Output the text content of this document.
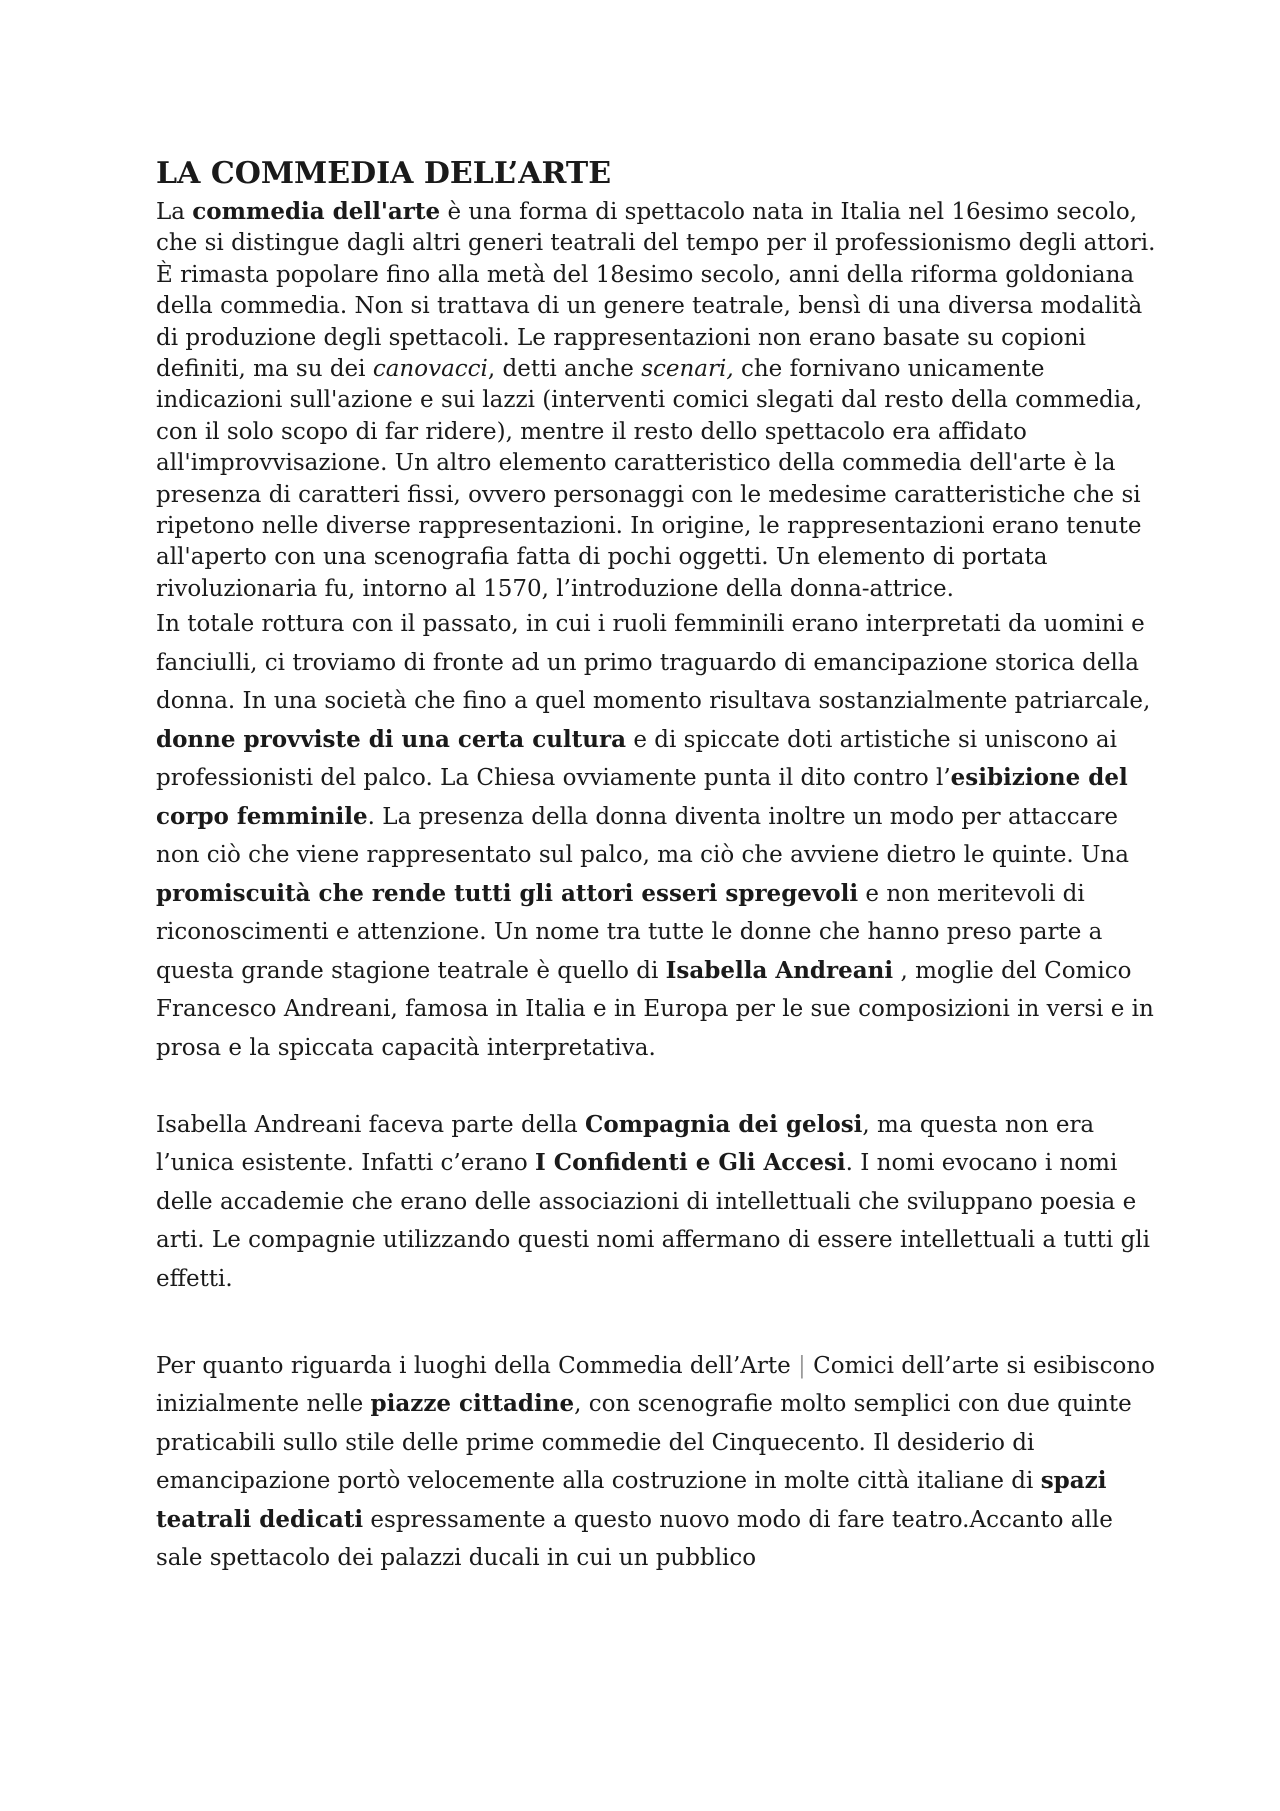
LA COMMEDIA DELL’ARTE

La commedia dell'arte è una forma di spettacolo nata in Italia nel 16esimo secolo, che si distingue dagli altri generi teatrali del tempo per il professionismo degli attori. È rimasta popolare fino alla metà del 18esimo secolo, anni della riforma goldoniana della commedia. Non si trattava di un genere teatrale, bensì di una diversa modalità di produzione degli spettacoli. Le rappresentazioni non erano basate su copioni definiti, ma su dei canovacci, detti anche scenari, che fornivano unicamente indicazioni sull'azione e sui lazzi (interventi comici slegati dal resto della commedia, con il solo scopo di far ridere), mentre il resto dello spettacolo era affidato all'improvvisazione. Un altro elemento caratteristico della commedia dell'arte è la presenza di caratteri fissi, ovvero personaggi con le medesime caratteristiche che si ripetono nelle diverse rappresentazioni. In origine, le rappresentazioni erano tenute all'aperto con una scenografia fatta di pochi oggetti. Un elemento di portata rivoluzionaria fu, intorno al 1570, l’introduzione della donna-attrice.

In totale rottura con il passato, in cui i ruoli femminili erano interpretati da uomini e fanciulli, ci troviamo di fronte ad un primo traguardo di emancipazione storica della donna. In una società che fino a quel momento risultava sostanzialmente patriarcale, donne provviste di una certa cultura e di spiccate doti artistiche si uniscono ai professionisti del palco. La Chiesa ovviamente punta il dito contro l’esibizione del corpo femminile. La presenza della donna diventa inoltre un modo per attaccare non ciò che viene rappresentato sul palco, ma ciò che avviene dietro le quinte. Una promiscuità che rende tutti gli attori esseri spregevoli e non meritevoli di riconoscimenti e attenzione. Un nome tra tutte le donne che hanno preso parte a questa grande stagione teatrale è quello di Isabella Andreani , moglie del Comico Francesco Andreani, famosa in Italia e in Europa per le sue composizioni in versi e in prosa e la spiccata capacità interpretativa.

Isabella Andreani faceva parte della Compagnia dei gelosi, ma questa non era l’unica esistente. Infatti c’erano I Confidenti e Gli Accesi. I nomi evocano i nomi delle accademie che erano delle associazioni di intellettuali che sviluppano poesia e arti. Le compagnie utilizzando questi nomi affermano di essere intellettuali a tutti gli effetti.

Per quanto riguarda i luoghi della Commedia dell’Arte | Comici dell’arte si esibiscono inizialmente nelle piazze cittadine, con scenografie molto semplici con due quinte praticabili sullo stile delle prime commedie del Cinquecento. Il desiderio di emancipazione portò velocemente alla costruzione in molte città italiane di spazi teatrali dedicati espressamente a questo nuovo modo di fare teatro.Accanto alle sale spettacolo dei palazzi ducali in cui un pubblico
